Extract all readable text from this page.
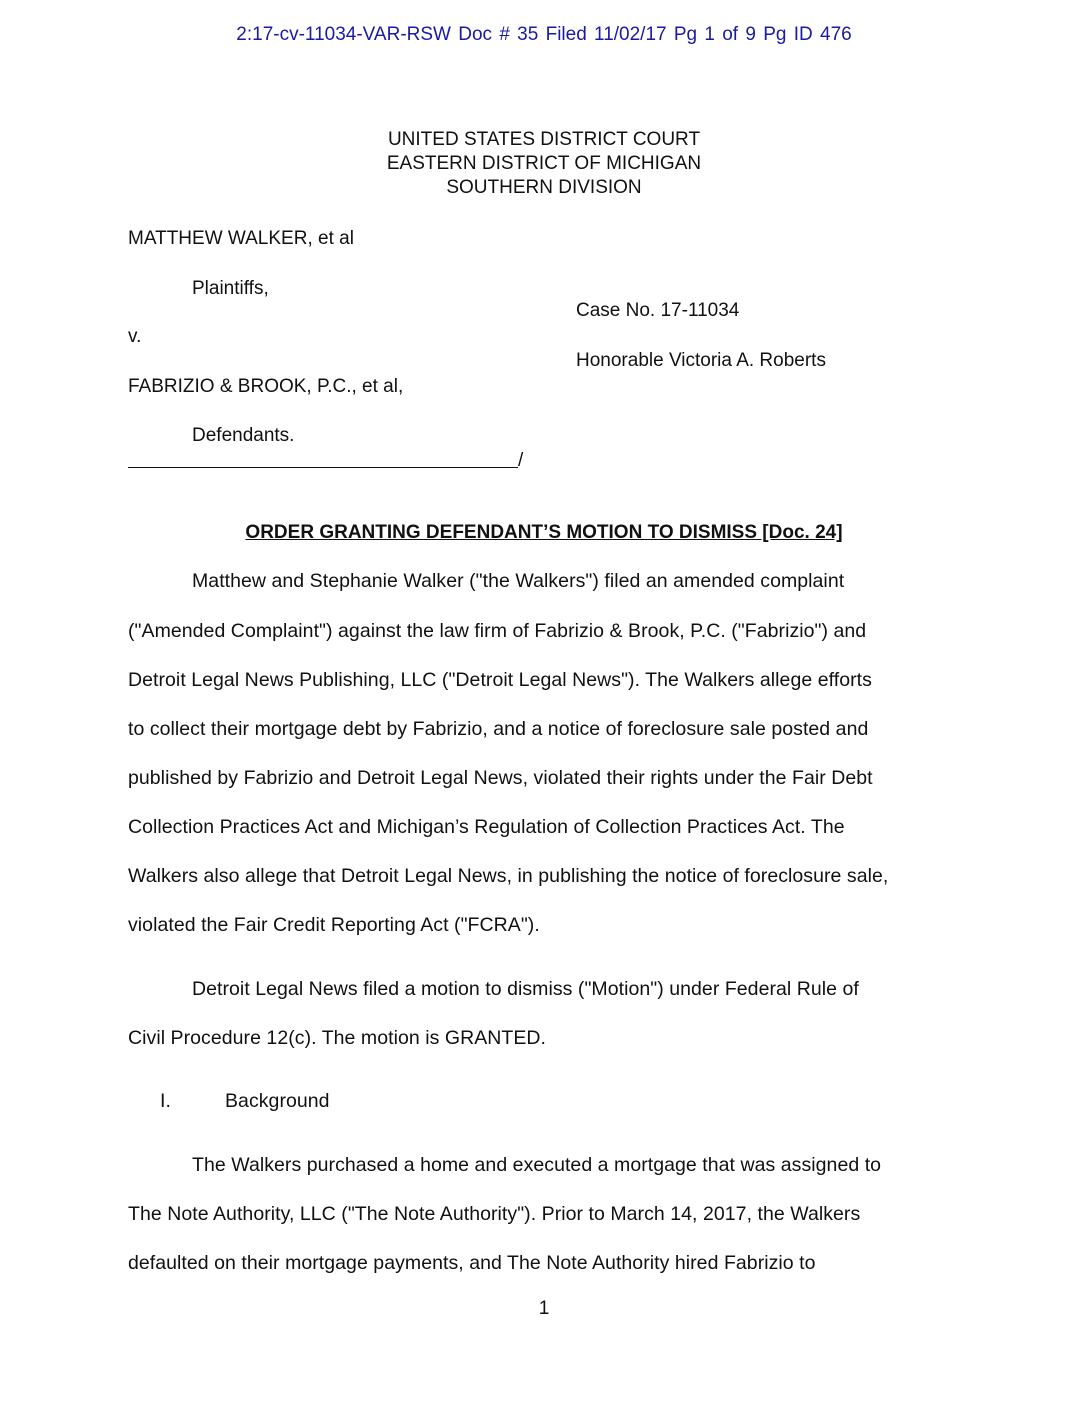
2:17-cv-11034-VAR-RSW Doc # 35 Filed 11/02/17 Pg 1 of 9 Pg ID 476
UNITED STATES DISTRICT COURT
EASTERN DISTRICT OF MICHIGAN
SOUTHERN DIVISION
MATTHEW WALKER, et al
Plaintiffs,
Case No. 17-11034
v.
Honorable Victoria A. Roberts
FABRIZIO & BROOK, P.C., et al,
Defendants.
/
ORDER GRANTING DEFENDANT’S MOTION TO DISMISS [Doc. 24]
Matthew and Stephanie Walker ("the Walkers") filed an amended complaint
("Amended Complaint") against the law firm of Fabrizio & Brook, P.C. ("Fabrizio") and
Detroit Legal News Publishing, LLC ("Detroit Legal News"). The Walkers allege efforts
to collect their mortgage debt by Fabrizio, and a notice of foreclosure sale posted and
published by Fabrizio and Detroit Legal News, violated their rights under the Fair Debt
Collection Practices Act and Michigan’s Regulation of Collection Practices Act. The
Walkers also allege that Detroit Legal News, in publishing the notice of foreclosure sale,
violated the Fair Credit Reporting Act ("FCRA").
Detroit Legal News filed a motion to dismiss ("Motion") under Federal Rule of
Civil Procedure 12(c). The motion is GRANTED.
I.	Background
The Walkers purchased a home and executed a mortgage that was assigned to
The Note Authority, LLC ("The Note Authority"). Prior to March 14, 2017, the Walkers
defaulted on their mortgage payments, and The Note Authority hired Fabrizio to
1
